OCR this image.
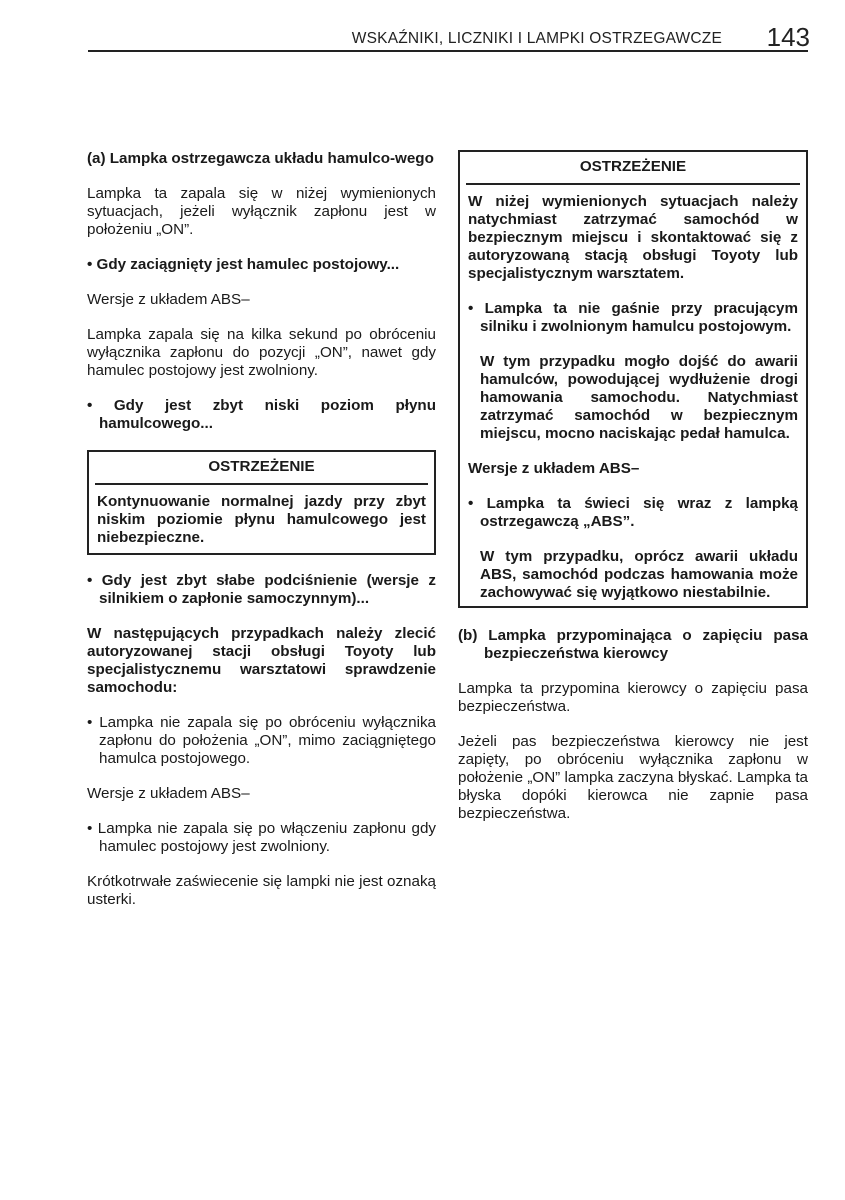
WSKAŹNIKI, LICZNIKI I LAMPKI OSTRZEGAWCZE	143
(a) Lampka ostrzegawcza układu hamulco-wego
Lampka ta zapala się w niżej wymienionych sytuacjach, jeżeli wyłącznik zapłonu jest w położeniu „ON”.
• Gdy zaciągnięty jest hamulec postojowy...
Wersje z układem ABS–
Lampka zapala się na kilka sekund po obróceniu wyłącznika zapłonu do pozycji „ON”, nawet gdy hamulec postojowy jest zwolniony.
• Gdy jest zbyt niski poziom płynu hamulcowego...
OSTRZEŻENIE
Kontynuowanie normalnej jazdy przy zbyt niskim poziomie płynu hamulcowego jest niebezpieczne.
• Gdy jest zbyt słabe podciśnienie (wersje z silnikiem o zapłonie samoczynnym)...
W następujących przypadkach należy zlecić autoryzowanej stacji obsługi Toyoty lub specjalistycznemu warsztatowi sprawdzenie samochodu:
• Lampka nie zapala się po obróceniu wyłącznika zapłonu do położenia „ON”, mimo zaciągniętego hamulca postojowego.
Wersje z układem ABS–
• Lampka nie zapala się po włączeniu zapłonu gdy hamulec postojowy jest zwolniony.
Krótkotrwałe zaświecenie się lampki nie jest oznaką usterki.
OSTRZEŻENIE
W niżej wymienionych sytuacjach należy natychmiast zatrzymać samochód w bezpiecznym miejscu i skontaktować się z autoryzowaną stacją obsługi Toyoty lub specjalistycznym warsztatem.
• Lampka ta nie gaśnie przy pracującym silniku i zwolnionym hamulcu postojowym.
W tym przypadku mogło dojść do awarii hamulców, powodującej wydłużenie drogi hamowania samochodu. Natychmiast zatrzymać samochód w bezpiecznym miejscu, mocno naciskając pedał hamulca.
Wersje z układem ABS–
• Lampka ta świeci się wraz z lampką ostrzegawczą „ABS”.
W tym przypadku, oprócz awarii układu ABS, samochód podczas hamowania może zachowywać się wyjątkowo niestabilnie.
(b) Lampka przypominająca o zapięciu pasa bezpieczeństwa kierowcy
Lampka ta przypomina kierowcy o zapięciu pasa bezpieczeństwa.
Jeżeli pas bezpieczeństwa kierowcy nie jest zapięty, po obróceniu wyłącznika zapłonu w położenie „ON” lampka zaczyna błyskać. Lampka ta błyska dopóki kierowca nie zapnie pasa bezpieczeństwa.
